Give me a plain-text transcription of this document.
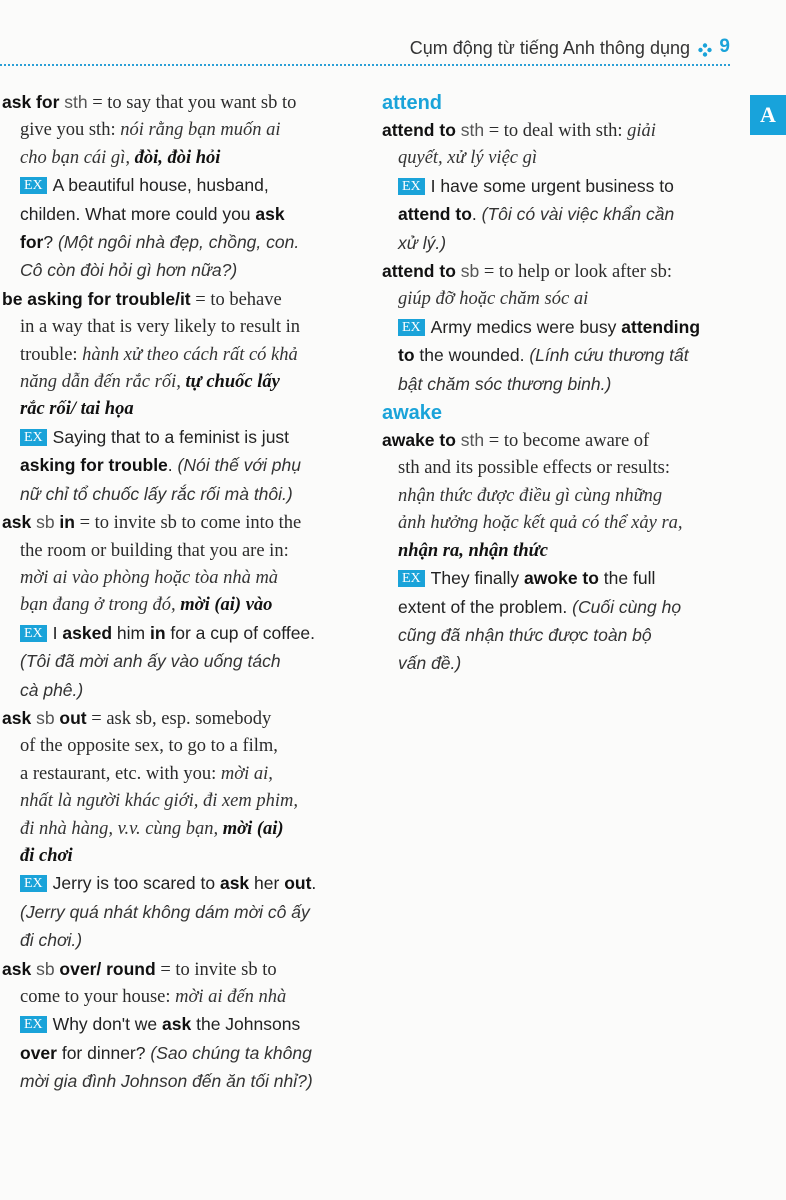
Cụm động từ tiếng Anh thông dụng 9
A
ask for sth = to say that you want sb to
give you sth: nói rằng bạn muốn ai
cho bạn cái gì, đòi, đòi hỏi
EX A beautiful house, husband,
childen. What more could you ask
for? (Một ngôi nhà đẹp, chồng, con.
Cô còn đòi hỏi gì hơn nữa?)
be asking for trouble/it = to behave
in a way that is very likely to result in
trouble: hành xử theo cách rất có khả
năng dẫn đến rắc rối, tự chuốc lấy
rắc rối/ tai họa
EX Saying that to a feminist is just
asking for trouble. (Nói thế với phụ
nữ chỉ tổ chuốc lấy rắc rối mà thôi.)
ask sb in = to invite sb to come into the
the room or building that you are in:
mời ai vào phòng hoặc tòa nhà mà
bạn đang ở trong đó, mời (ai) vào
EX I asked him in for a cup of coffee.
(Tôi đã mời anh ấy vào uống tách
cà phê.)
ask sb out = ask sb, esp. somebody
of the opposite sex, to go to a film,
a restaurant, etc. with you: mời ai,
nhất là người khác giới, đi xem phim,
đi nhà hàng, v.v. cùng bạn, mời (ai)
đi chơi
EX Jerry is too scared to ask her out.
(Jerry quá nhát không dám mời cô ấy
đi chơi.)
ask sb over/ round = to invite sb to
come to your house: mời ai đến nhà
EX Why don't we ask the Johnsons
over for dinner? (Sao chúng ta không
mời gia đình Johnson đến ăn tối nhỉ?)
attend
attend to sth = to deal with sth: giải
quyết, xử lý việc gì
EX I have some urgent business to
attend to. (Tôi có vài việc khẩn cần
xử lý.)
attend to sb = to help or look after sb:
giúp đỡ hoặc chăm sóc ai
EX Army medics were busy attending
to the wounded. (Lính cứu thương tất
bật chăm sóc thương binh.)
awake
awake to sth = to become aware of
sth and its possible effects or results:
nhận thức được điều gì cùng những
ảnh hưởng hoặc kết quả có thể xảy ra,
nhận ra, nhận thức
EX They finally awoke to the full
extent of the problem. (Cuối cùng họ
cũng đã nhận thức được toàn bộ
vấn đề.)
